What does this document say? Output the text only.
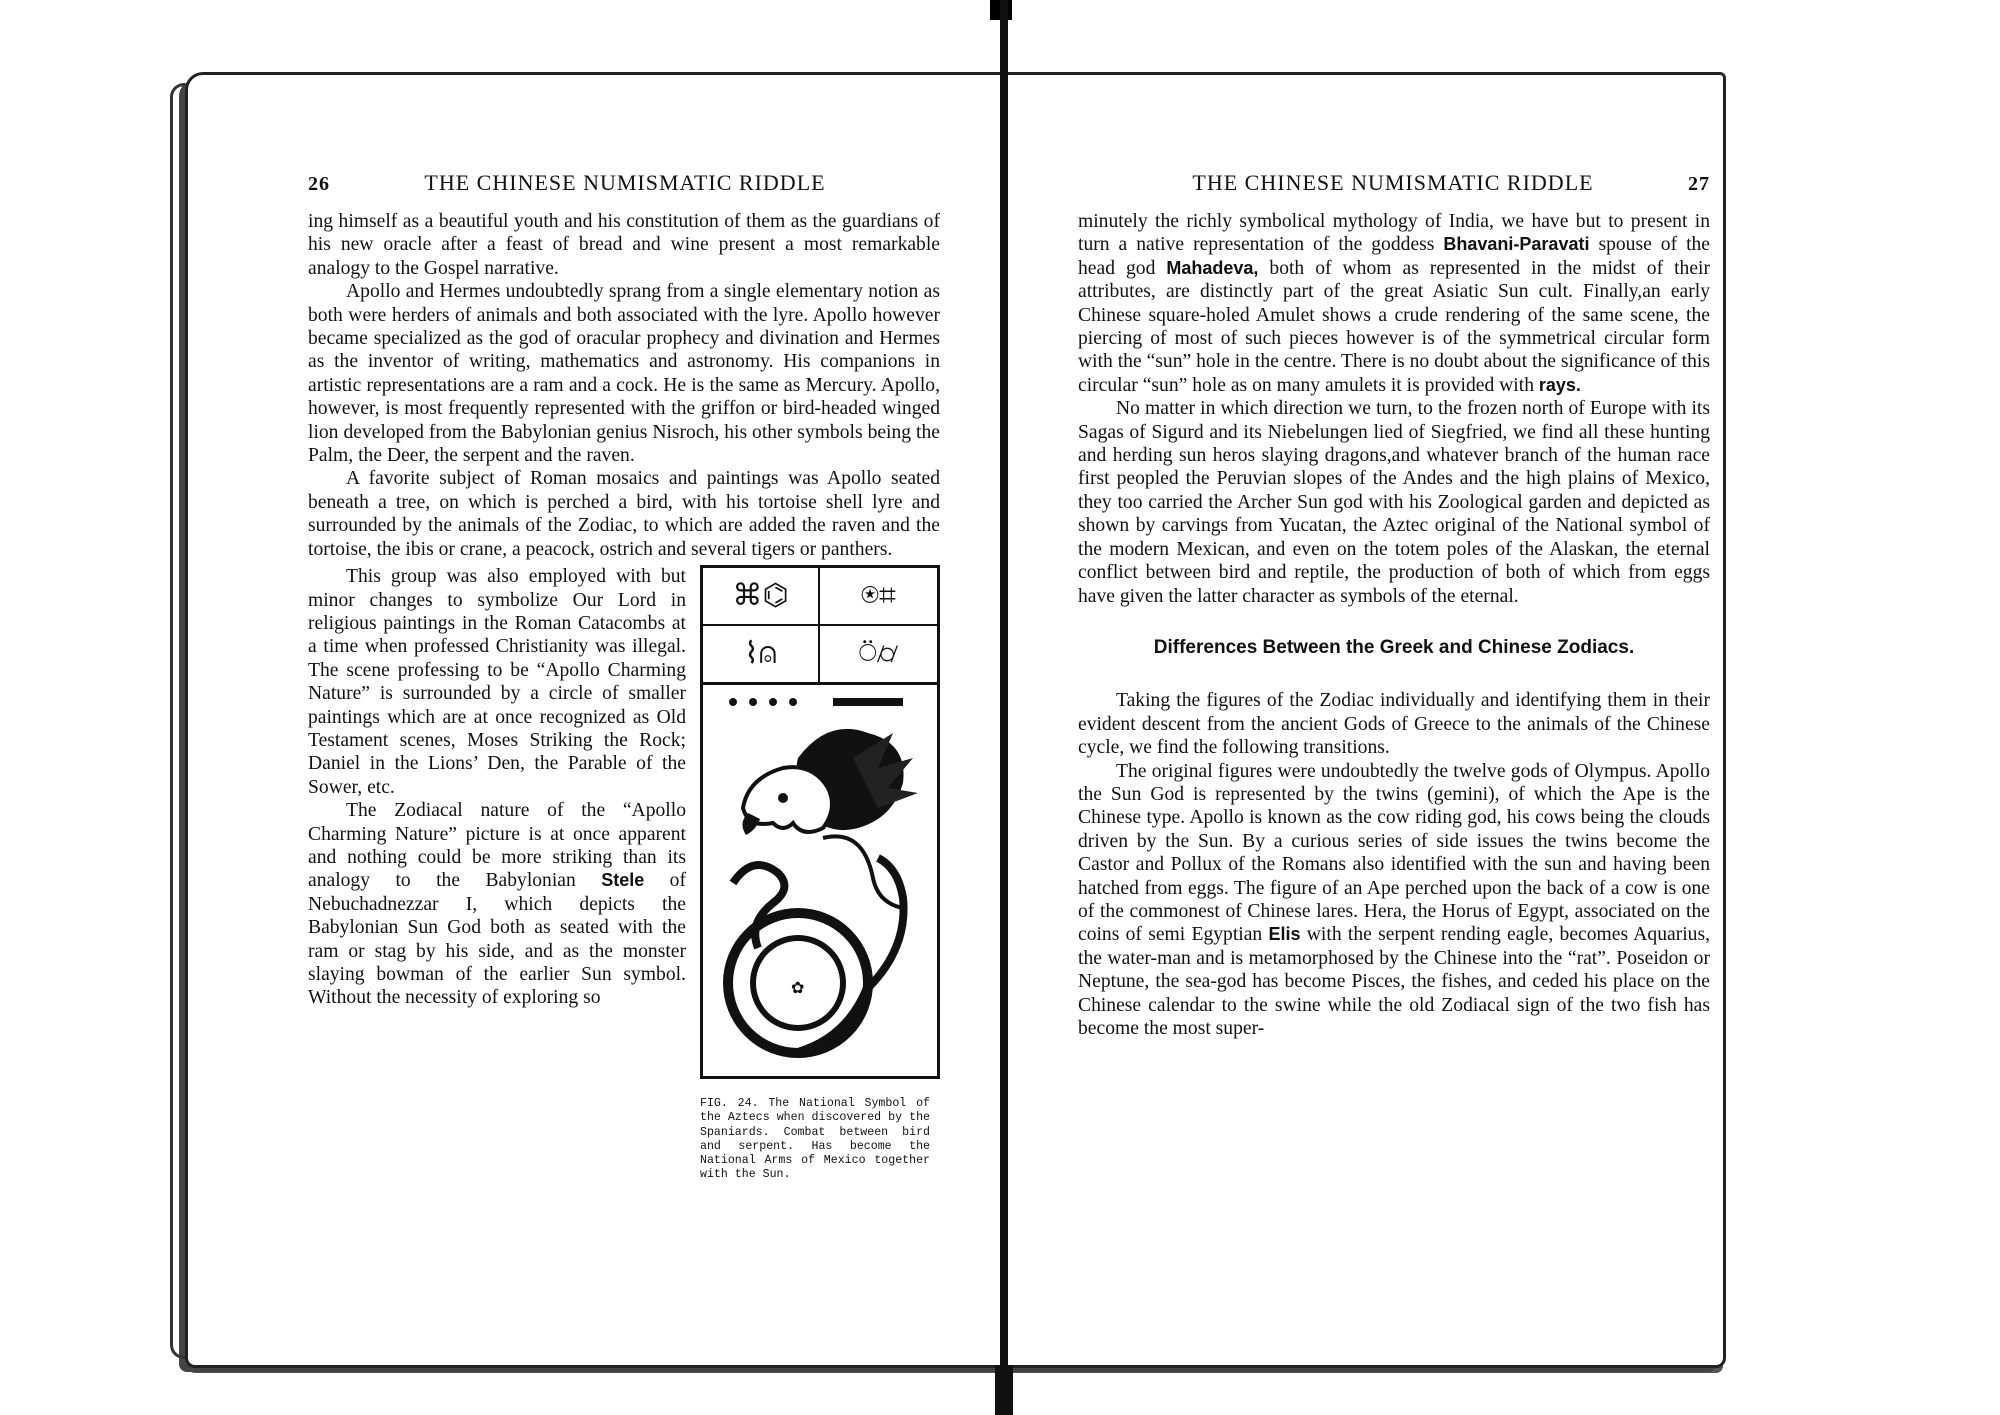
26	THE CHINESE NUMISMATIC RIDDLE

ing himself as a beautiful youth and his constitution of them as the guardians of his new oracle after a feast of bread and wine present a most remarkable analogy to the Gospel narrative.

Apollo and Hermes undoubtedly sprang from a single elementary notion as both were herders of animals and both associated with the lyre. Apollo however became specialized as the god of oracular prophecy and divination and Hermes as the inventor of writing, mathematics and astronomy. His companions in artistic representations are a ram and a cock. He is the same as Mercury. Apollo, however, is most frequently represented with the griffon or bird-headed winged lion developed from the Babylonian genius Nisroch, his other symbols being the Palm, the Deer, the serpent and the raven.

A favorite subject of Roman mosaics and paintings was Apollo seated beneath a tree, on which is perched a bird, with his tortoise shell lyre and surrounded by the animals of the Zodiac, to which are added the raven and the tortoise, the ibis or crane, a peacock, ostrich and several tigers or panthers.

⌘⌬	⍟⌗
⌇⍝	⍥⌭
✿
FIG. 24. The National Symbol of the Aztecs when discovered by the Spaniards. Combat between bird and serpent. Has become the National Arms of Mexico together with the Sun.

This group was also employed with but minor changes to symbolize Our Lord in religious paintings in the Roman Catacombs at a time when professed Christianity was illegal. The scene professing to be “Apollo Charming Nature” is surrounded by a circle of smaller paintings which are at once recognized as Old Testament scenes, Moses Striking the Rock; Daniel in the Lions’ Den, the Parable of the Sower, etc.

The Zodiacal nature of the “Apollo Charming Nature” picture is at once apparent and nothing could be more striking than its analogy to the Babylonian Stele of Nebuchadnezzar I, which depicts the Babylonian Sun God both as seated with the ram or stag by his side, and as the monster slaying bowman of the earlier Sun symbol. Without the necessity of exploring so

THE CHINESE NUMISMATIC RIDDLE	27

minutely the richly symbolical mythology of India, we have but to present in turn a native representation of the goddess Bhavani-Paravati spouse of the head god Mahadeva, both of whom as represented in the midst of their attributes, are distinctly part of the great Asiatic Sun cult. Finally,an early Chinese square-holed Amulet shows a crude rendering of the same scene, the piercing of most of such pieces however is of the symmetrical circular form with the “sun” hole in the centre. There is no doubt about the significance of this circular “sun” hole as on many amulets it is provided with rays.

No matter in which direction we turn, to the frozen north of Europe with its Sagas of Sigurd and its Niebelungen lied of Siegfried, we find all these hunting and herding sun heros slaying dragons,and whatever branch of the human race first peopled the Peruvian slopes of the Andes and the high plains of Mexico, they too carried the Archer Sun god with his Zoological garden and depicted as shown by carvings from Yucatan, the Aztec original of the National symbol of the modern Mexican, and even on the totem poles of the Alaskan, the eternal conflict between bird and reptile, the production of both of which from eggs have given the latter character as symbols of the eternal.

Differences Between the Greek and Chinese Zodiacs.

Taking the figures of the Zodiac individually and identifying them in their evident descent from the ancient Gods of Greece to the animals of the Chinese cycle, we find the following transitions.

The original figures were undoubtedly the twelve gods of Olympus. Apollo the Sun God is represented by the twins (gemini), of which the Ape is the Chinese type. Apollo is known as the cow riding god, his cows being the clouds driven by the Sun. By a curious series of side issues the twins become the Castor and Pollux of the Romans also identified with the sun and having been hatched from eggs. The figure of an Ape perched upon the back of a cow is one of the commonest of Chinese lares. Hera, the Horus of Egypt, associated on the coins of semi Egyptian Elis with the serpent rending eagle, becomes Aquarius, the water-man and is metamorphosed by the Chinese into the “rat”. Poseidon or Neptune, the sea-god has become Pisces, the fishes, and ceded his place on the Chinese calendar to the swine while the old Zodiacal sign of the two fish has become the most super-
